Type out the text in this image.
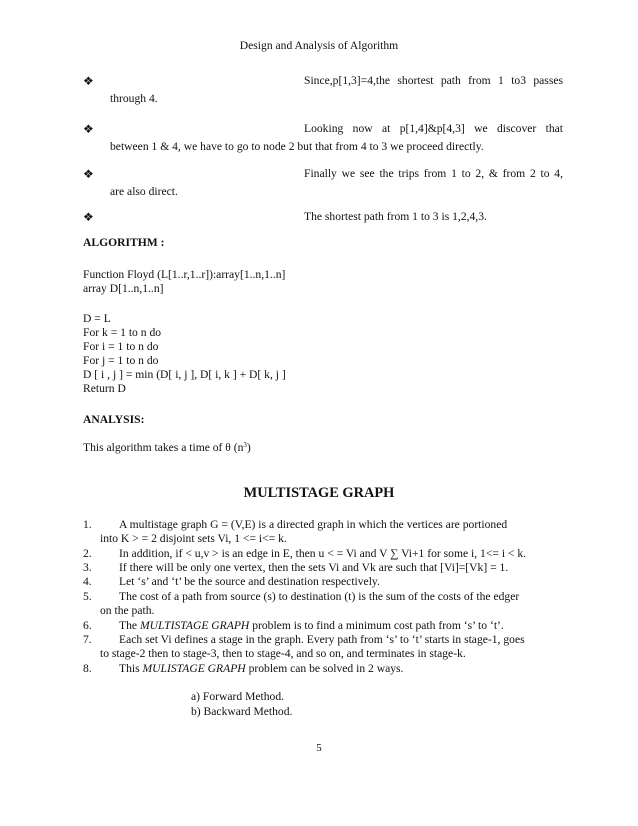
Design and Analysis of Algorithm
❖	Since,p[1,3]=4,the shortest path from 1 to3 passes
through 4.
❖	Looking now at p[1,4]&p[4,3] we discover that
between 1 & 4, we have to go to node 2 but that from 4 to 3 we proceed directly.
❖	Finally we see the trips from 1 to 2, & from 2 to 4,
are also direct.
❖	The shortest path from 1 to 3 is 1,2,4,3.
ALGORITHM :
Function Floyd (L[1..r,1..r]):array[1..n,1..n]
array D[1..n,1..n]
D = L
For k = 1 to n do
For i = 1 to n do
For j = 1 to n do
D [ i , j ] = min (D[ i, j ], D[ i, k ] + D[ k, j ]
Return D
ANALYSIS:
This algorithm takes a time of θ $(n^3)$
MULTISTAGE GRAPH
1.	A multistage graph G = (V,E) is a directed graph in which the vertices are portioned
into K > = 2 disjoint sets Vi, 1 <= i<= k.
2.	In addition, if < u,v > is an edge in E, then u < = Vi and V ∑ Vi+1 for some i, 1<= i < k.
3.	If there will be only one vertex, then the sets Vi and Vk are such that [Vi]=[Vk] = 1.
4.	Let ‘s’ and ‘t’ be the source and destination respectively.
5.	The cost of a path from source (s) to destination (t) is the sum of the costs of the edger
on the path.
6.	The MULTISTAGE GRAPH problem is to find a minimum cost path from ‘s’ to ‘t’.
7.	Each set Vi defines a stage in the graph. Every path from ‘s’ to ‘t’ starts in stage-1, goes
to stage-2 then to stage-3, then to stage-4, and so on, and terminates in stage-k.
8.	This MULISTAGE GRAPH problem can be solved in 2 ways.
a) Forward Method.
b) Backward Method.
5
